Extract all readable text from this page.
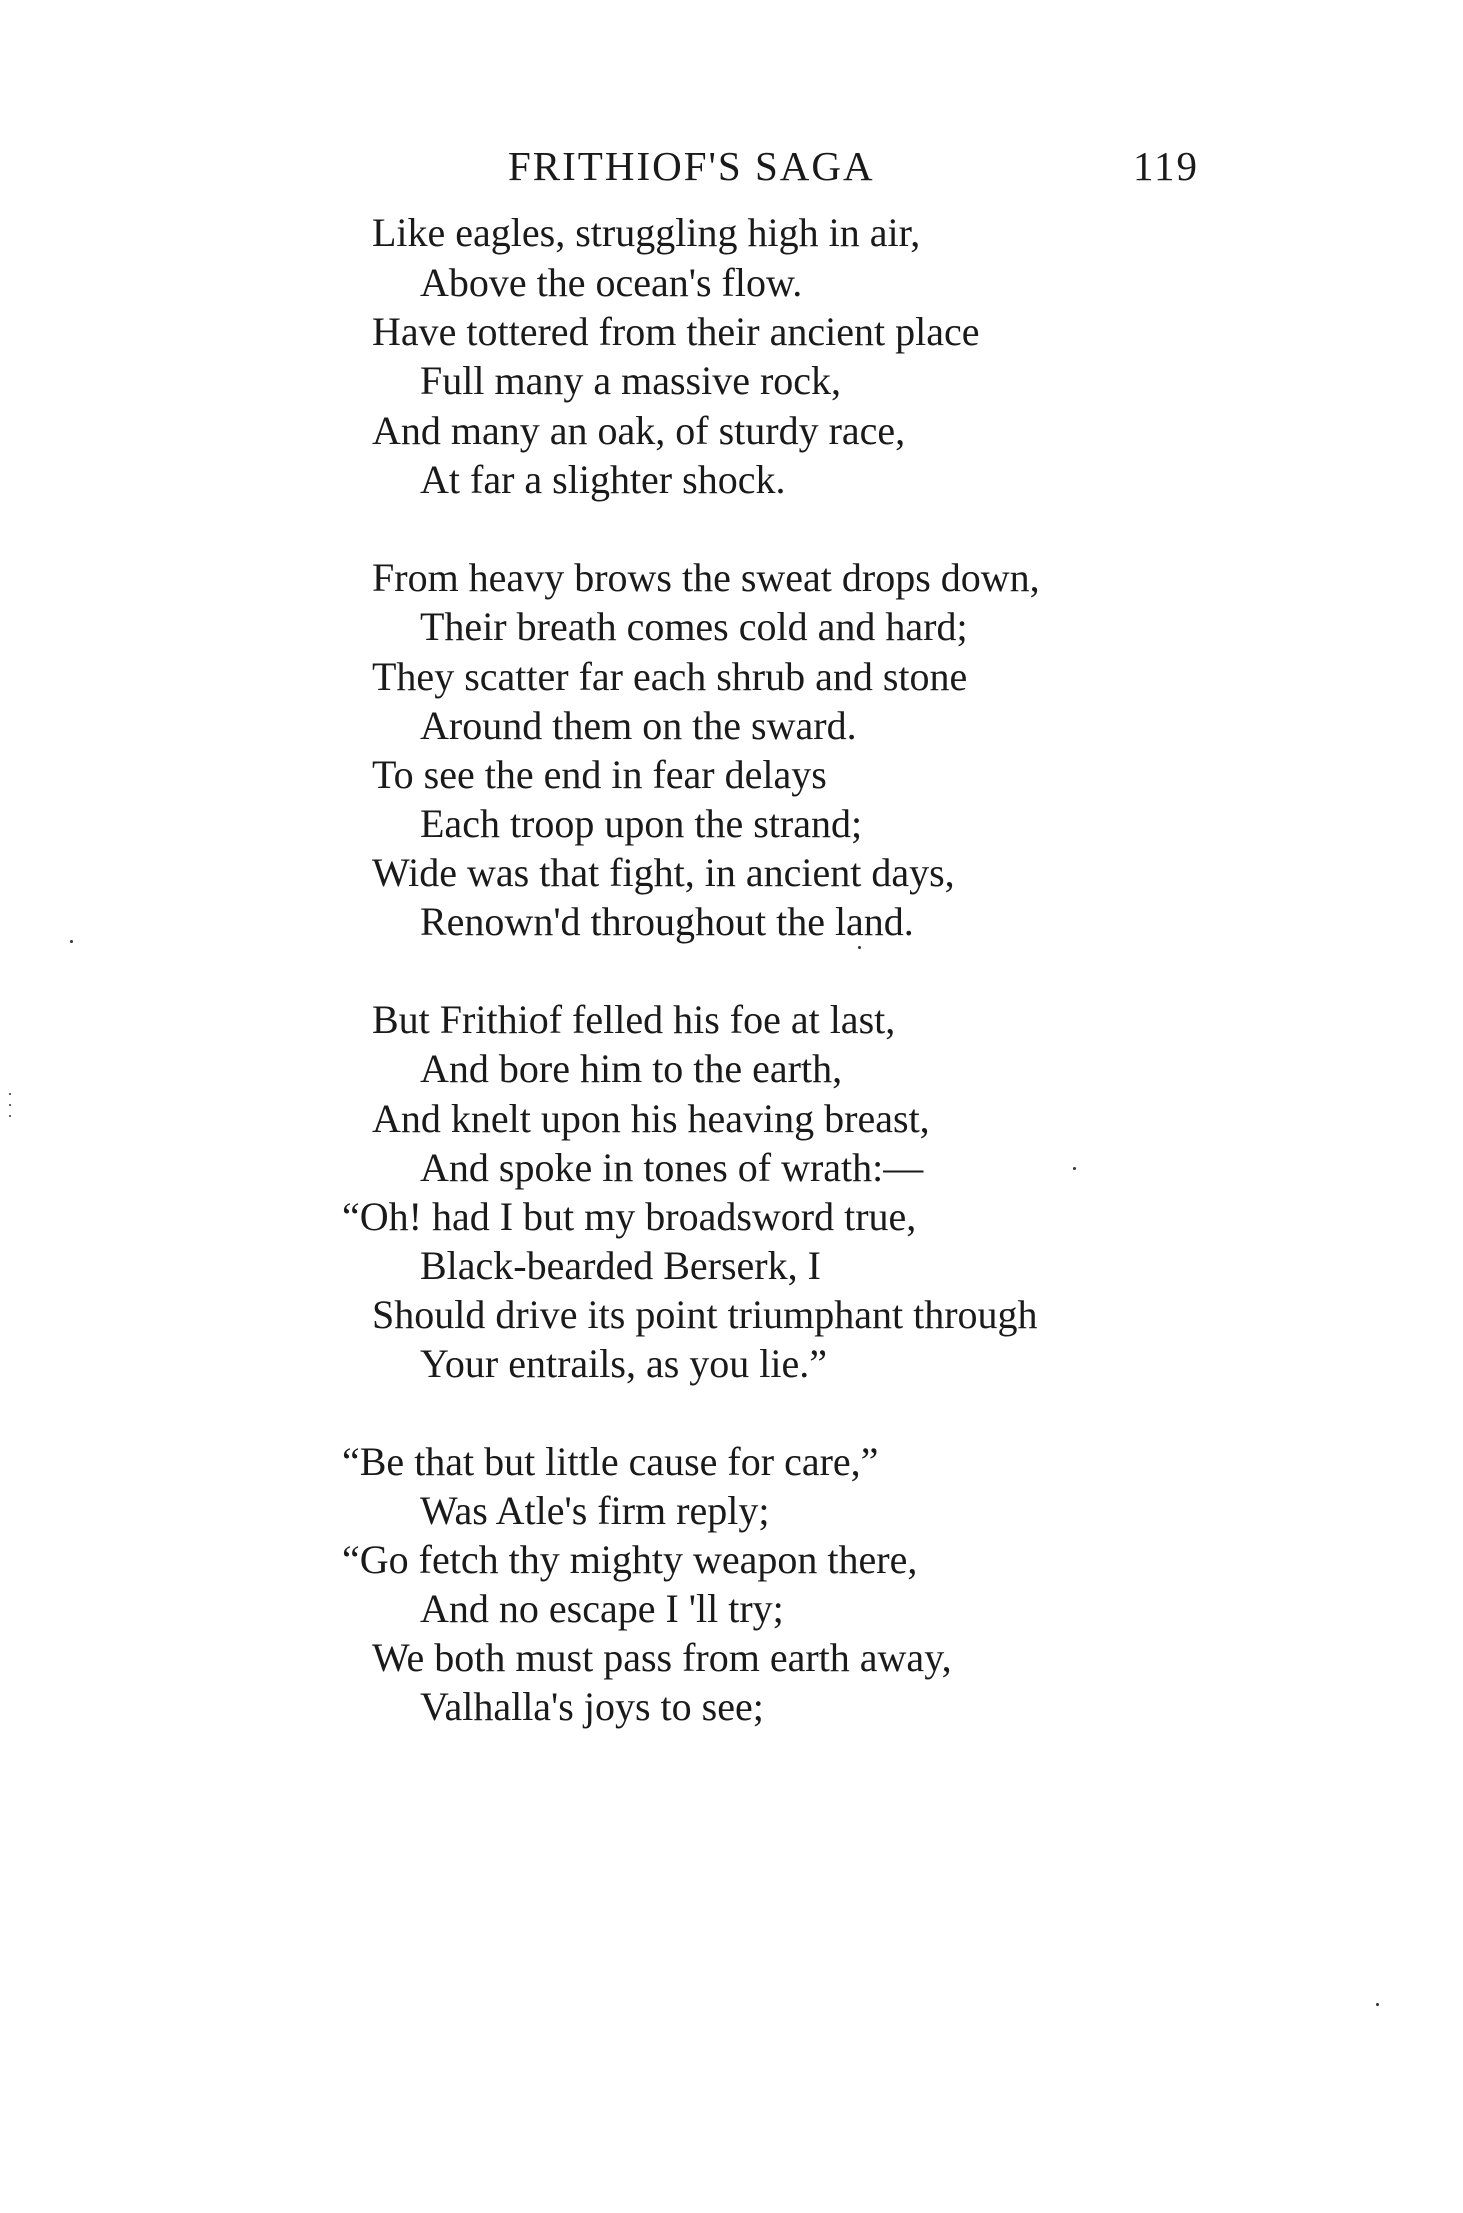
FRITHIOF'S SAGA	119
Like eagles, struggling high in air,
Above the ocean's flow.
Have tottered from their ancient place
Full many a massive rock,
And many an oak, of sturdy race,
At far a slighter shock.
From heavy brows the sweat drops down,
Their breath comes cold and hard;
They scatter far each shrub and stone
Around them on the sward.
To see the end in fear delays
Each troop upon the strand;
Wide was that fight, in ancient days,
Renown'd throughout the land.
But Frithiof felled his foe at last,
And bore him to the earth,
And knelt upon his heaving breast,
And spoke in tones of wrath:—
“Oh! had I but my broadsword true,
Black-bearded Berserk, I
Should drive its point triumphant through
Your entrails, as you lie.”
“Be that but little cause for care,”
Was Atle's firm reply;
“Go fetch thy mighty weapon there,
And no escape I 'll try;
We both must pass from earth away,
Valhalla's joys to see;
